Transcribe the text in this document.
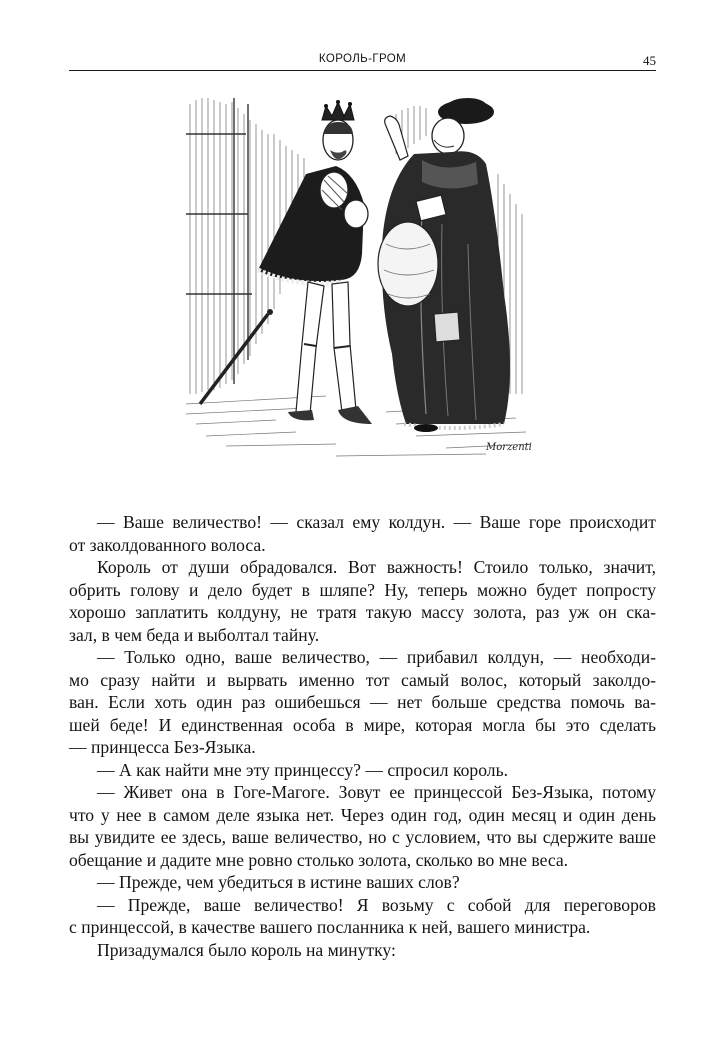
КОРОЛЬ-ГРОМ	45
Morzenti

— Ваше величество! — сказал ему колдун. — Ваше горе происходит
от заколдованного волоса.

Король от души обрадовался. Вот важность! Стоило только, значит,
обрить голову и дело будет в шляпе? Ну, теперь можно будет попросту
хорошо заплатить колдуну, не тратя такую массу золота, раз уж он ска-
зал, в чем беда и выболтал тайну.

— Только одно, ваше величество, — прибавил колдун, — необходи-
мо сразу найти и вырвать именно тот самый волос, который заколдо-
ван. Если хоть один раз ошибешься — нет больше средства помочь ва-
шей беде! И единственная особа в мире, которая могла бы это сделать
— принцесса Без-Языка.

— А как найти мне эту принцессу? — спросил король.

— Живет она в Гоге-Магоге. Зовут ее принцессой Без-Языка, потому
что у нее в самом деле языка нет. Через один год, один месяц и один день
вы увидите ее здесь, ваше величество, но с условием, что вы сдержите ваше
обещание и дадите мне ровно столько золота, сколько во мне веса.

— Прежде, чем убедиться в истине ваших слов?

— Прежде, ваше величество! Я возьму с собой для переговоров
с принцессой, в качестве вашего посланника к ней, вашего министра.

Призадумался было король на минутку:
